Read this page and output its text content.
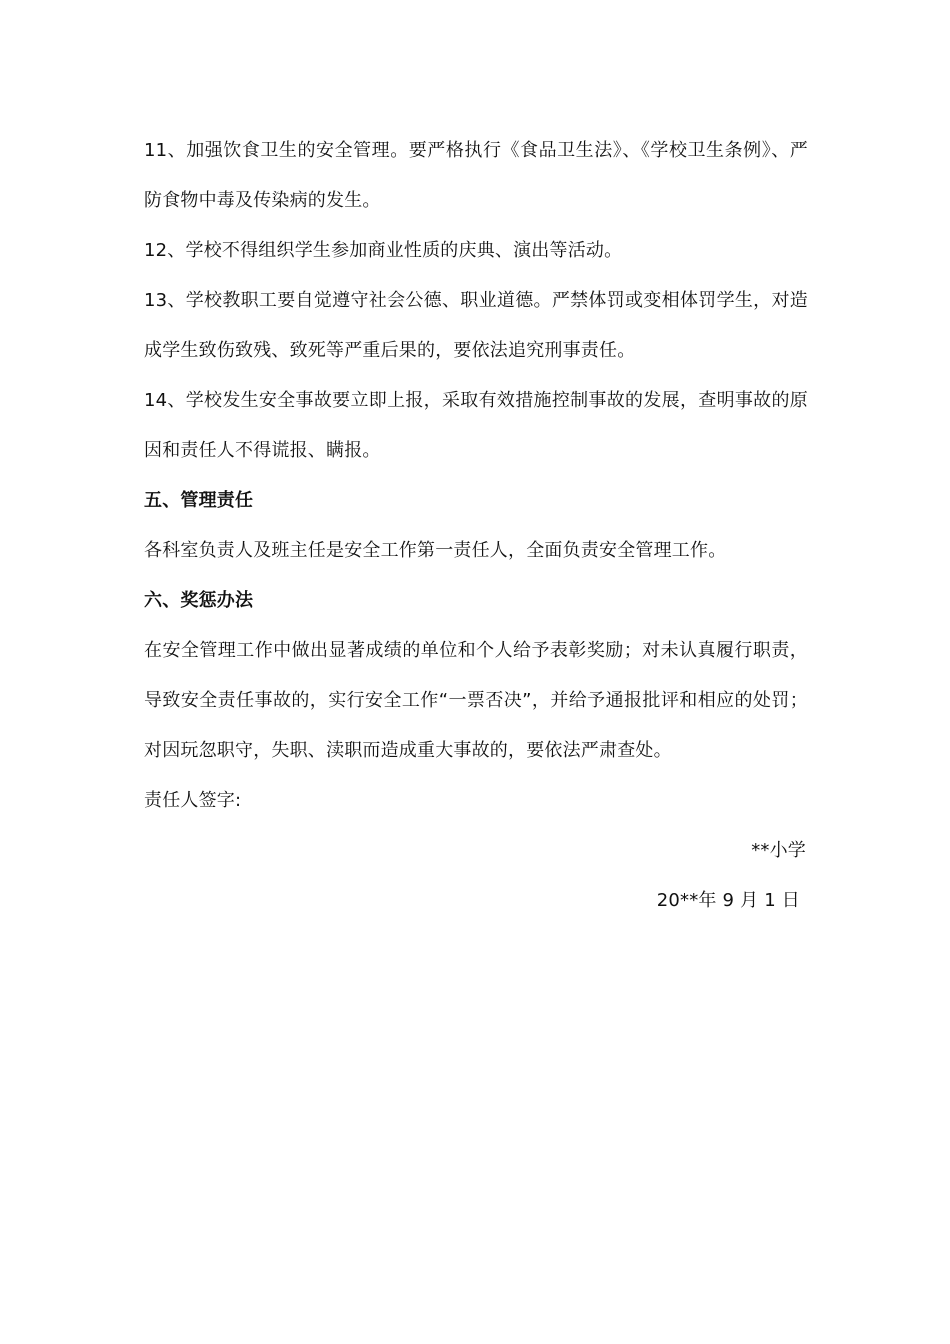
11、加强饮食卫生的安全管理。要严格执行《食品卫生法》、《学校卫生条例》、严防食物中毒及传染病的发生。

12、学校不得组织学生参加商业性质的庆典、演出等活动。

13、学校教职工要自觉遵守社会公德、职业道德。严禁体罚或变相体罚学生，对造成学生致伤致残、致死等严重后果的，要依法追究刑事责任。

14、学校发生安全事故要立即上报，采取有效措施控制事故的发展，查明事故的原因和责任人不得谎报、瞒报。

五、管理责任

各科室负责人及班主任是安全工作第一责任人，全面负责安全管理工作。

六、奖惩办法

在安全管理工作中做出显著成绩的单位和个人给予表彰奖励；对未认真履行职责，导致安全责任事故的，实行安全工作“一票否决”，并给予通报批评和相应的处罚；对因玩忽职守，失职、渎职而造成重大事故的，要依法严肃查处。

责任人签字:

**小学

20**年 9 月 1 日
